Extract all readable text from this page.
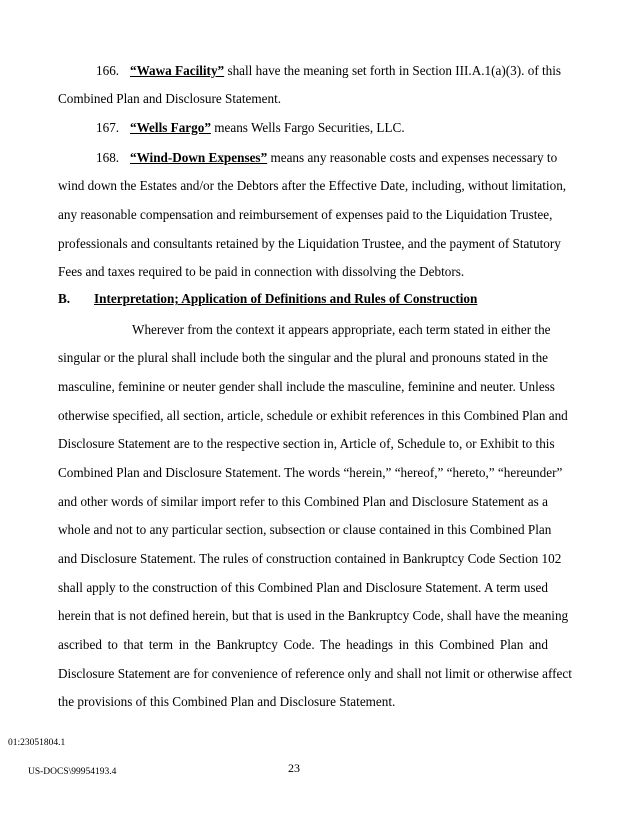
166. “Wawa Facility” shall have the meaning set forth in Section III.A.1(a)(3). of this
Combined Plan and Disclosure Statement.
167. “Wells Fargo” means Wells Fargo Securities, LLC.
168. “Wind-Down Expenses” means any reasonable costs and expenses necessary to
wind down the Estates and/or the Debtors after the Effective Date, including, without limitation,
any reasonable compensation and reimbursement of expenses paid to the Liquidation Trustee,
professionals and consultants retained by the Liquidation Trustee, and the payment of Statutory
Fees and taxes required to be paid in connection with dissolving the Debtors.
B. Interpretation; Application of Definitions and Rules of Construction
Wherever from the context it appears appropriate, each term stated in either the
singular or the plural shall include both the singular and the plural and pronouns stated in the
masculine, feminine or neuter gender shall include the masculine, feminine and neuter. Unless
otherwise specified, all section, article, schedule or exhibit references in this Combined Plan and
Disclosure Statement are to the respective section in, Article of, Schedule to, or Exhibit to this
Combined Plan and Disclosure Statement. The words “herein,” “hereof,” “hereto,” “hereunder”
and other words of similar import refer to this Combined Plan and Disclosure Statement as a
whole and not to any particular section, subsection or clause contained in this Combined Plan
and Disclosure Statement. The rules of construction contained in Bankruptcy Code Section 102
shall apply to the construction of this Combined Plan and Disclosure Statement. A term used
herein that is not defined herein, but that is used in the Bankruptcy Code, shall have the meaning
ascribed to that term in the Bankruptcy Code. The headings in this Combined Plan and
Disclosure Statement are for convenience of reference only and shall not limit or otherwise affect
the provisions of this Combined Plan and Disclosure Statement.
01:23051804.1
23
US-DOCS\99954193.4
